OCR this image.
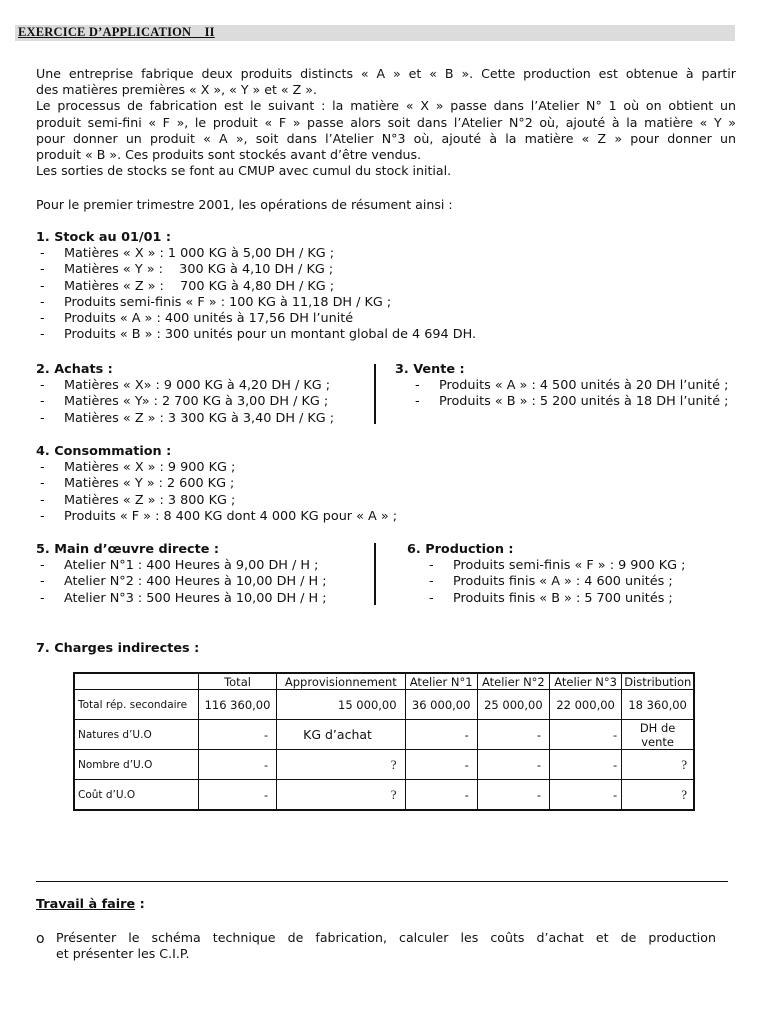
EXERCICE D’APPLICATION    II
Une entreprise fabrique deux produits distincts « A » et « B ». Cette production est obtenue à partir
des matières premières « X », « Y » et « Z ».
Le processus de fabrication est le suivant : la matière « X » passe dans l’Atelier N° 1 où on obtient un
produit semi-fini « F », le produit « F » passe alors soit dans l’Atelier N°2 où, ajouté à la matière « Y »
pour donner un produit « A », soit dans l’Atelier N°3 où, ajouté à la matière « Z » pour donner un
produit « B ». Ces produits sont stockés avant d’être vendus.
Les sorties de stocks se font au CMUP avec cumul du stock initial.
Pour le premier trimestre 2001, les opérations de résument ainsi :
1. Stock au 01/01 :
- Matières « X » : 1 000 KG à 5,00 DH / KG ;
- Matières « Y » :    300 KG à 4,10 DH / KG ;
- Matières « Z » :    700 KG à 4,80 DH / KG ;
- Produits semi-finis « F » : 100 KG à 11,18 DH / KG ;
- Produits « A » : 400 unités à 17,56 DH l’unité
- Produits « B » : 300 unités pour un montant global de 4 694 DH.
2. Achats :
- Matières « X» : 9 000 KG à 4,20 DH / KG ;
- Matières « Y» : 2 700 KG à 3,00 DH / KG ;
- Matières « Z » : 3 300 KG à 3,40 DH / KG ;
3. Vente :
- Produits « A » : 4 500 unités à 20 DH l’unité ;
- Produits « B » : 5 200 unités à 18 DH l’unité ;
4. Consommation :
- Matières « X » : 9 900 KG ;
- Matières « Y » : 2 600 KG ;
- Matières « Z » : 3 800 KG ;
- Produits « F » : 8 400 KG dont 4 000 KG pour « A » ;
5. Main d’œuvre directe :
- Atelier N°1 : 400 Heures à 9,00 DH / H ;
- Atelier N°2 : 400 Heures à 10,00 DH / H ;
- Atelier N°3 : 500 Heures à 10,00 DH / H ;
6. Production :
- Produits semi-finis « F » : 9 900 KG ;
- Produits finis « A » : 4 600 unités ;
- Produits finis « B » : 5 700 unités ;
7. Charges indirectes :
	Total	Approvisionnement	Atelier N°1	Atelier N°2	Atelier N°3	Distribution
Total rép. secondaire	116 360,00	15 000,00	36 000,00	25 000,00	22 000,00	18 360,00
Natures d’U.O	-	KG d’achat	-	-	-	DH de vente
Nombre d’U.O	-	?	-	-	-	?
Coût d’U.O	-	?	-	-	-	?
Travail à faire :
o Présenter le schéma technique de fabrication, calculer les coûts d’achat et de production
et présenter les C.I.P.
